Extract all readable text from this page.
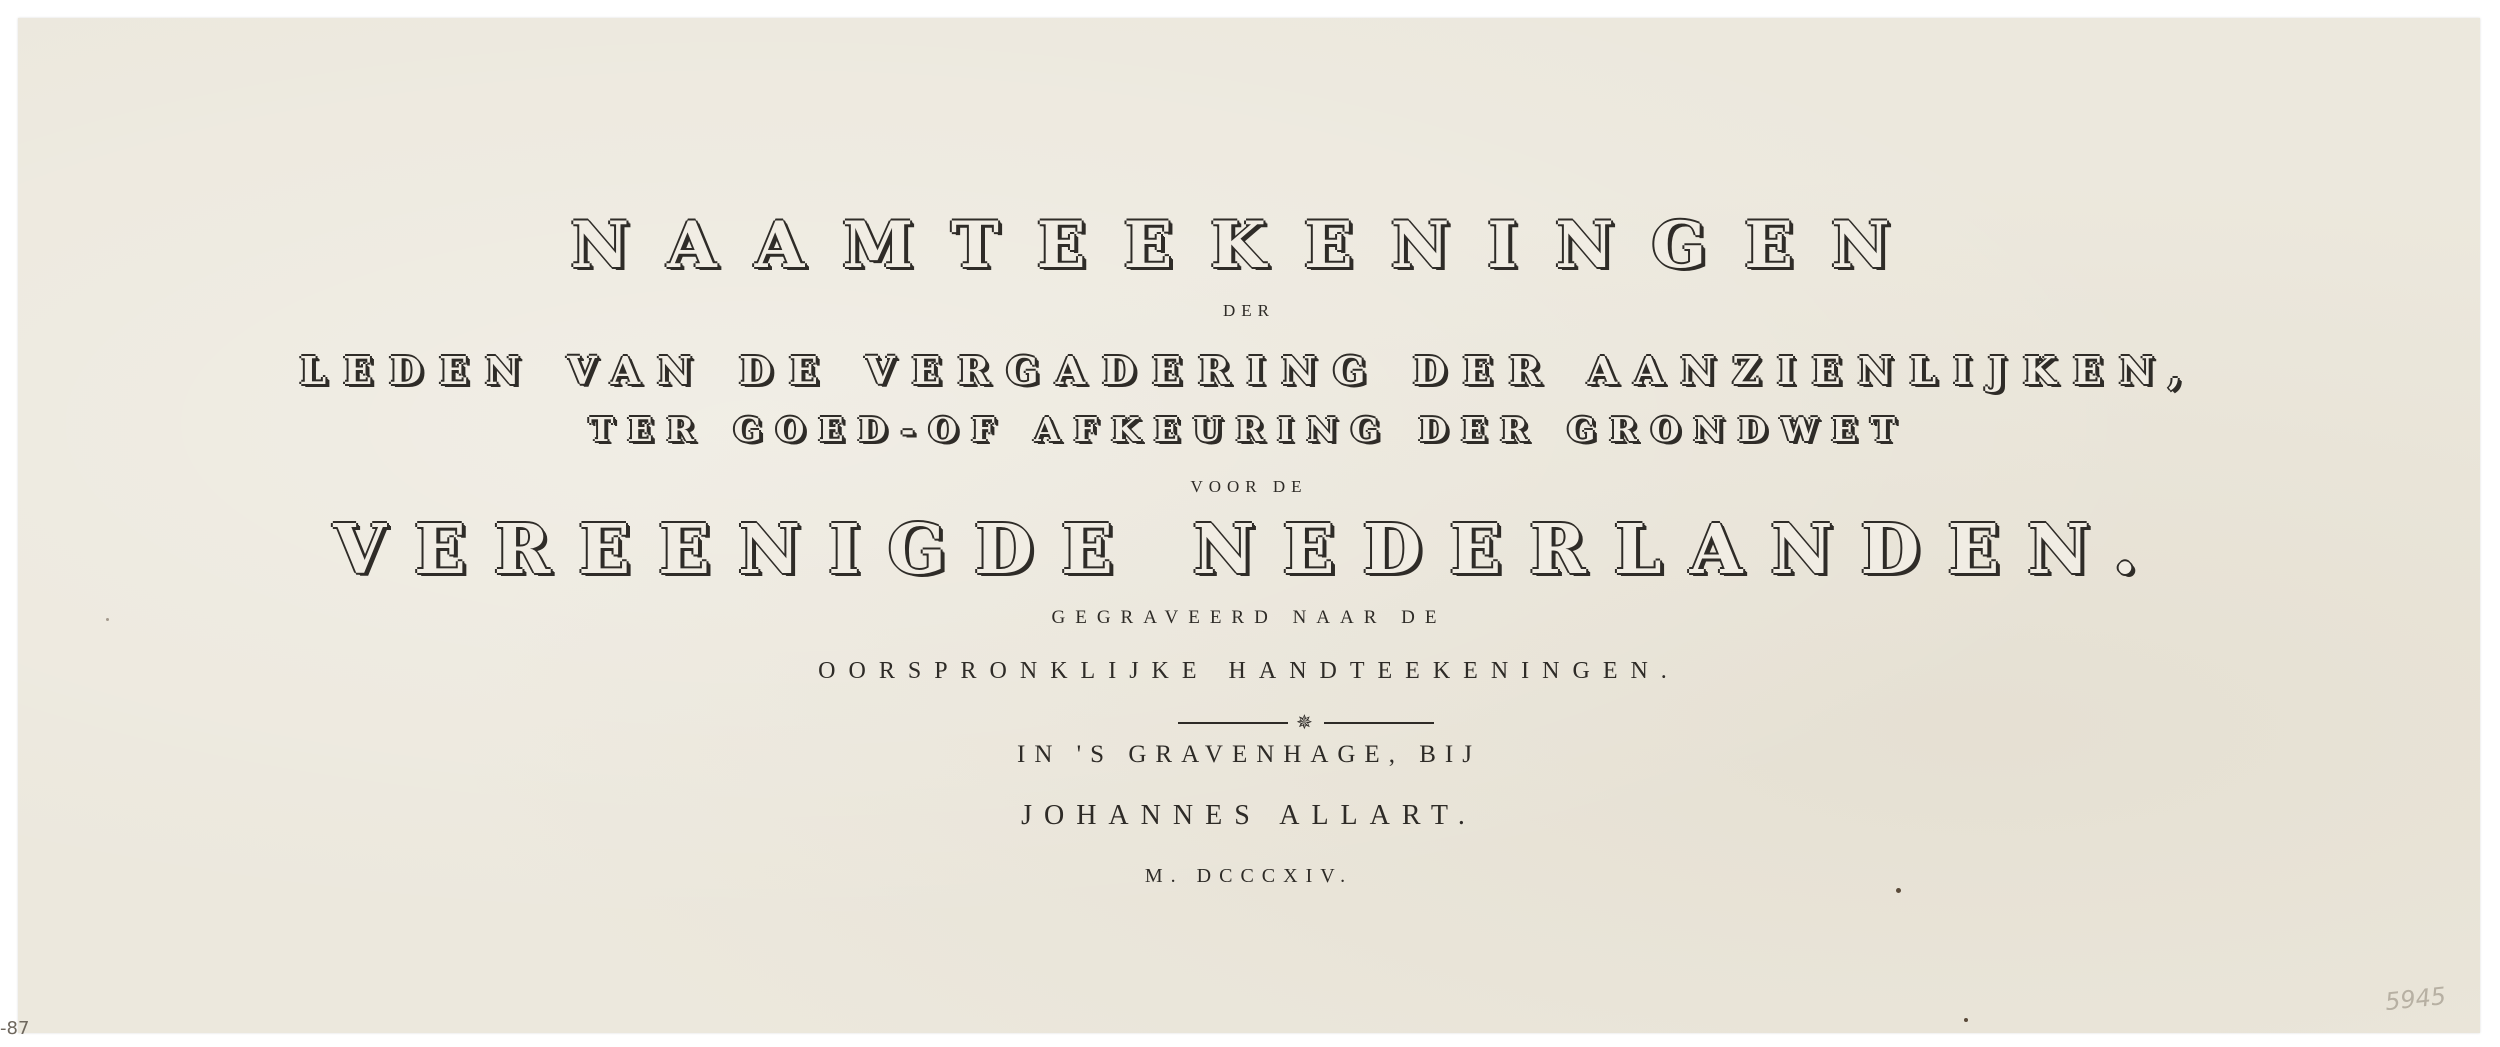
NAAMTEEKENINGEN

DER

LEDEN VAN DE VERGADERING DER AANZIENLIJKEN,

TER GOED-OF AFKEURING DER GRONDWET

VOOR DE

VEREENIGDE NEDERLANDEN.

GEGRAVEERD NAAR DE

OORSPRONKLIJKE HANDTEEKENINGEN.

✵

IN 'S GRAVENHAGE, BIJ

JOHANNES ALLART.

M. DCCCXIV.

5945
-87
